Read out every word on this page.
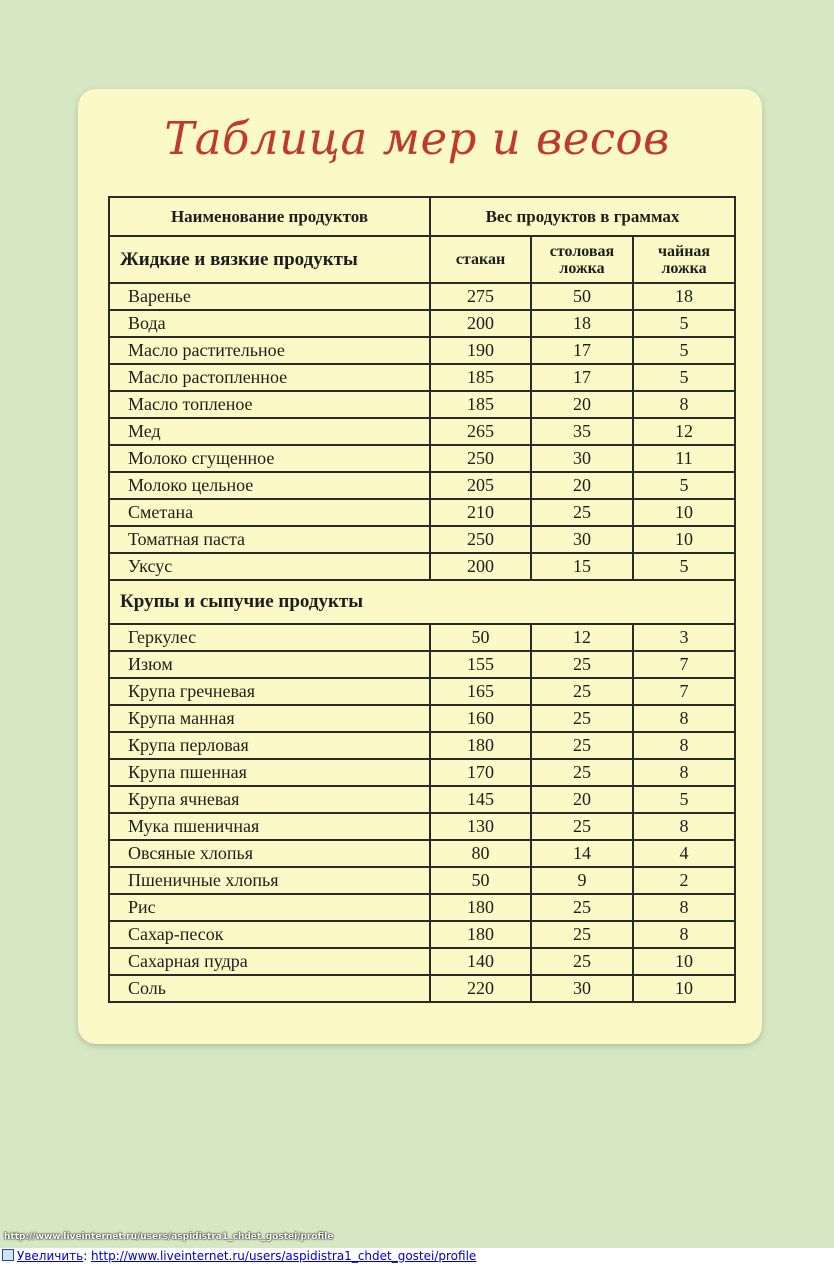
Таблица мер и весов
Наименование продуктов	Вес продуктов в граммах		
Жидкие и вязкие продукты	стакан	столовая ложка	чайная ложка
Варенье	275	50	18
Вода	200	18	5
Масло растительное	190	17	5
Масло растопленное	185	17	5
Масло топленое	185	20	8
Мед	265	35	12
Молоко сгущенное	250	30	11
Молоко цельное	205	20	5
Сметана	210	25	10
Томатная паста	250	30	10
Уксус	200	15	5
Крупы и сыпучие продукты			
Геркулес	50	12	3
Изюм	155	25	7
Крупа гречневая	165	25	7
Крупа манная	160	25	8
Крупа перловая	180	25	8
Крупа пшенная	170	25	8
Крупа ячневая	145	20	5
Мука пшеничная	130	25	8
Овсяные хлопья	80	14	4
Пшеничные хлопья	50	9	2
Рис	180	25	8
Сахар-песок	180	25	8
Сахарная пудра	140	25	10
Соль	220	30	10
http://www.liveinternet.ru/users/aspidistra1_chdet_gostei/profile
Увеличить: http://www.liveinternet.ru/users/aspidistra1_chdet_gostei/profile
